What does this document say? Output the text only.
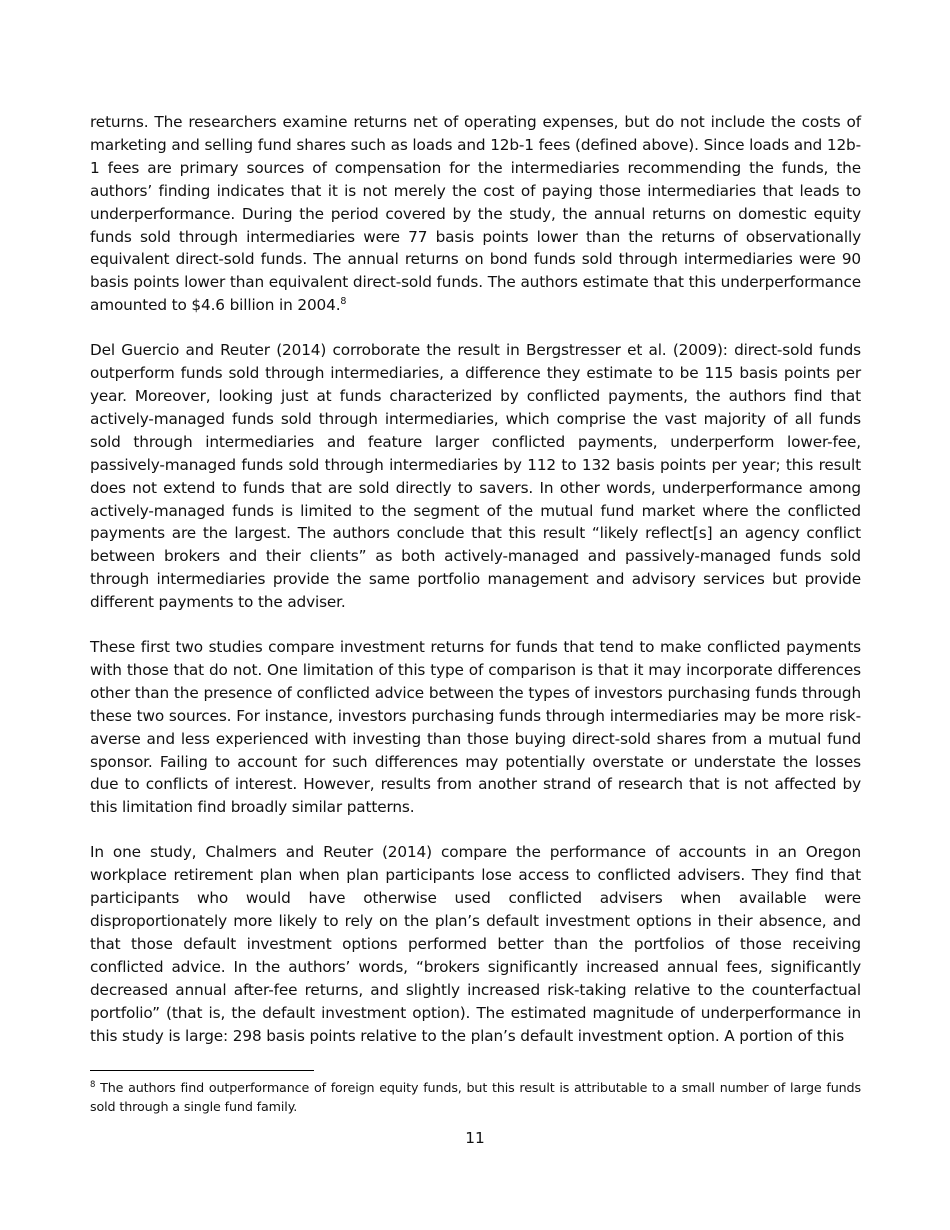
returns. The researchers examine returns net of operating expenses, but do not include the costs of marketing and selling fund shares such as loads and 12b-1 fees (defined above). Since loads and 12b-1 fees are primary sources of compensation for the intermediaries recommending the funds, the authors’ finding indicates that it is not merely the cost of paying those intermediaries that leads to underperformance. During the period covered by the study, the annual returns on domestic equity funds sold through intermediaries were 77 basis points lower than the returns of observationally equivalent direct-sold funds. The annual returns on bond funds sold through intermediaries were 90 basis points lower than equivalent direct-sold funds. The authors estimate that this underperformance amounted to $4.6 billion in 2004.$^8$

Del Guercio and Reuter (2014) corroborate the result in Bergstresser et al. (2009): direct-sold funds outperform funds sold through intermediaries, a difference they estimate to be 115 basis points per year. Moreover, looking just at funds characterized by conflicted payments, the authors find that actively-managed funds sold through intermediaries, which comprise the vast majority of all funds sold through intermediaries and feature larger conflicted payments, underperform lower-fee, passively-managed funds sold through intermediaries by 112 to 132 basis points per year; this result does not extend to funds that are sold directly to savers. In other words, underperformance among actively-managed funds is limited to the segment of the mutual fund market where the conflicted payments are the largest. The authors conclude that this result “likely reflect[s] an agency conflict between brokers and their clients” as both actively-managed and passively-managed funds sold through intermediaries provide the same portfolio management and advisory services but provide different payments to the adviser.

These first two studies compare investment returns for funds that tend to make conflicted payments with those that do not. One limitation of this type of comparison is that it may incorporate differences other than the presence of conflicted advice between the types of investors purchasing funds through these two sources. For instance, investors purchasing funds through intermediaries may be more risk-averse and less experienced with investing than those buying direct-sold shares from a mutual fund sponsor. Failing to account for such differences may potentially overstate or understate the losses due to conflicts of interest. However, results from another strand of research that is not affected by this limitation find broadly similar patterns.

In one study, Chalmers and Reuter (2014) compare the performance of accounts in an Oregon workplace retirement plan when plan participants lose access to conflicted advisers. They find that participants who would have otherwise used conflicted advisers when available were disproportionately more likely to rely on the plan’s default investment options in their absence, and that those default investment options performed better than the portfolios of those receiving conflicted advice. In the authors’ words, “brokers significantly increased annual fees, significantly decreased annual after-fee returns, and slightly increased risk-taking relative to the counterfactual portfolio” (that is, the default investment option). The estimated magnitude of underperformance in this study is large: 298 basis points relative to the plan’s default investment option. A portion of this

$^8$ The authors find outperformance of foreign equity funds, but this result is attributable to a small number of large funds sold through a single fund family.
11
